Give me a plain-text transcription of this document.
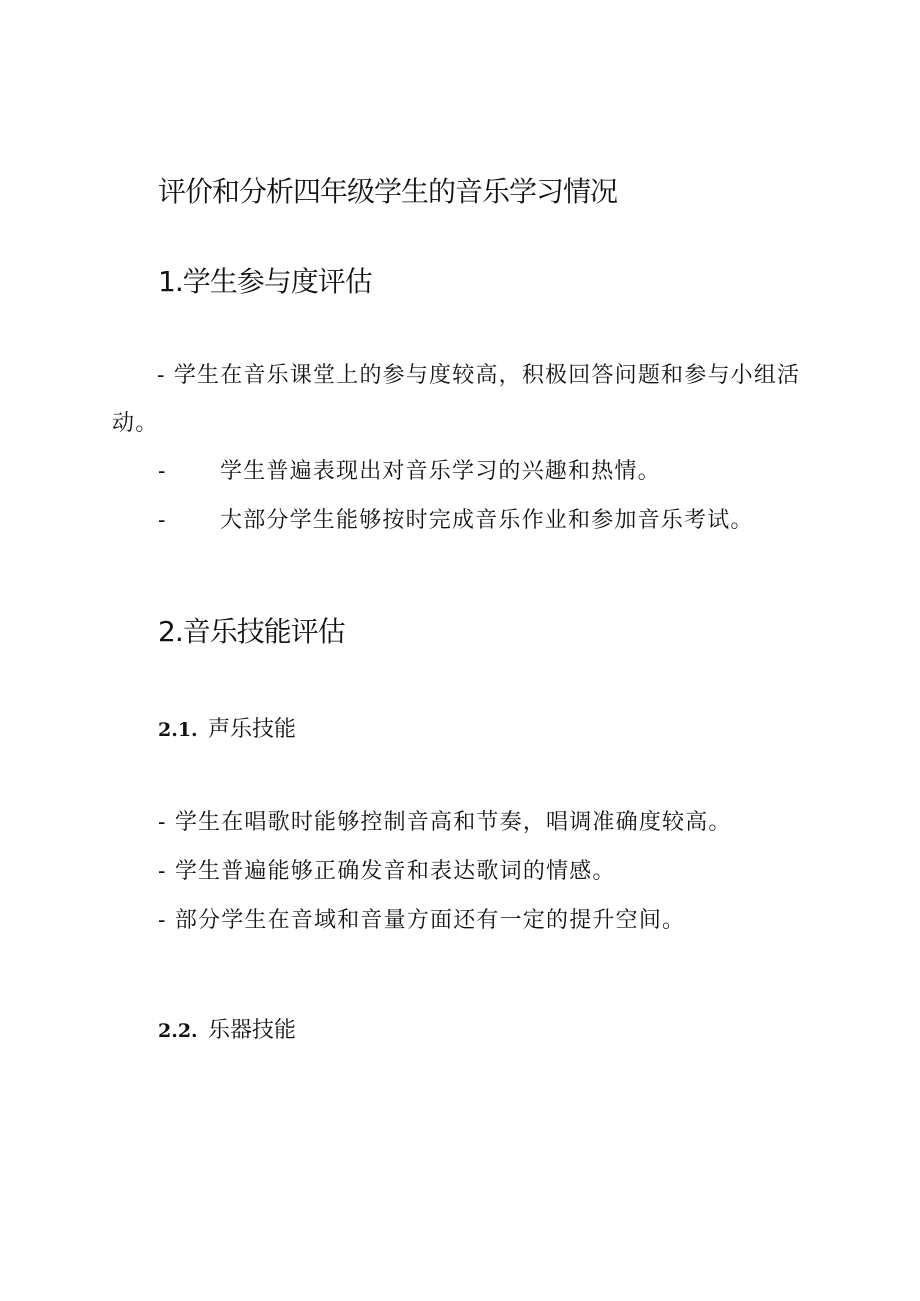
评价和分析四年级学生的音乐学习情况
1.学生参与度评估
- 学生在音乐课堂上的参与度较高，积极回答问题和参与小组活动。
- 学生普遍表现出对音乐学习的兴趣和热情。
- 大部分学生能够按时完成音乐作业和参加音乐考试。
2.音乐技能评估
2.1. 声乐技能
- 学生在唱歌时能够控制音高和节奏，唱调准确度较高。
- 学生普遍能够正确发音和表达歌词的情感。
- 部分学生在音域和音量方面还有一定的提升空间。
2.2. 乐器技能
